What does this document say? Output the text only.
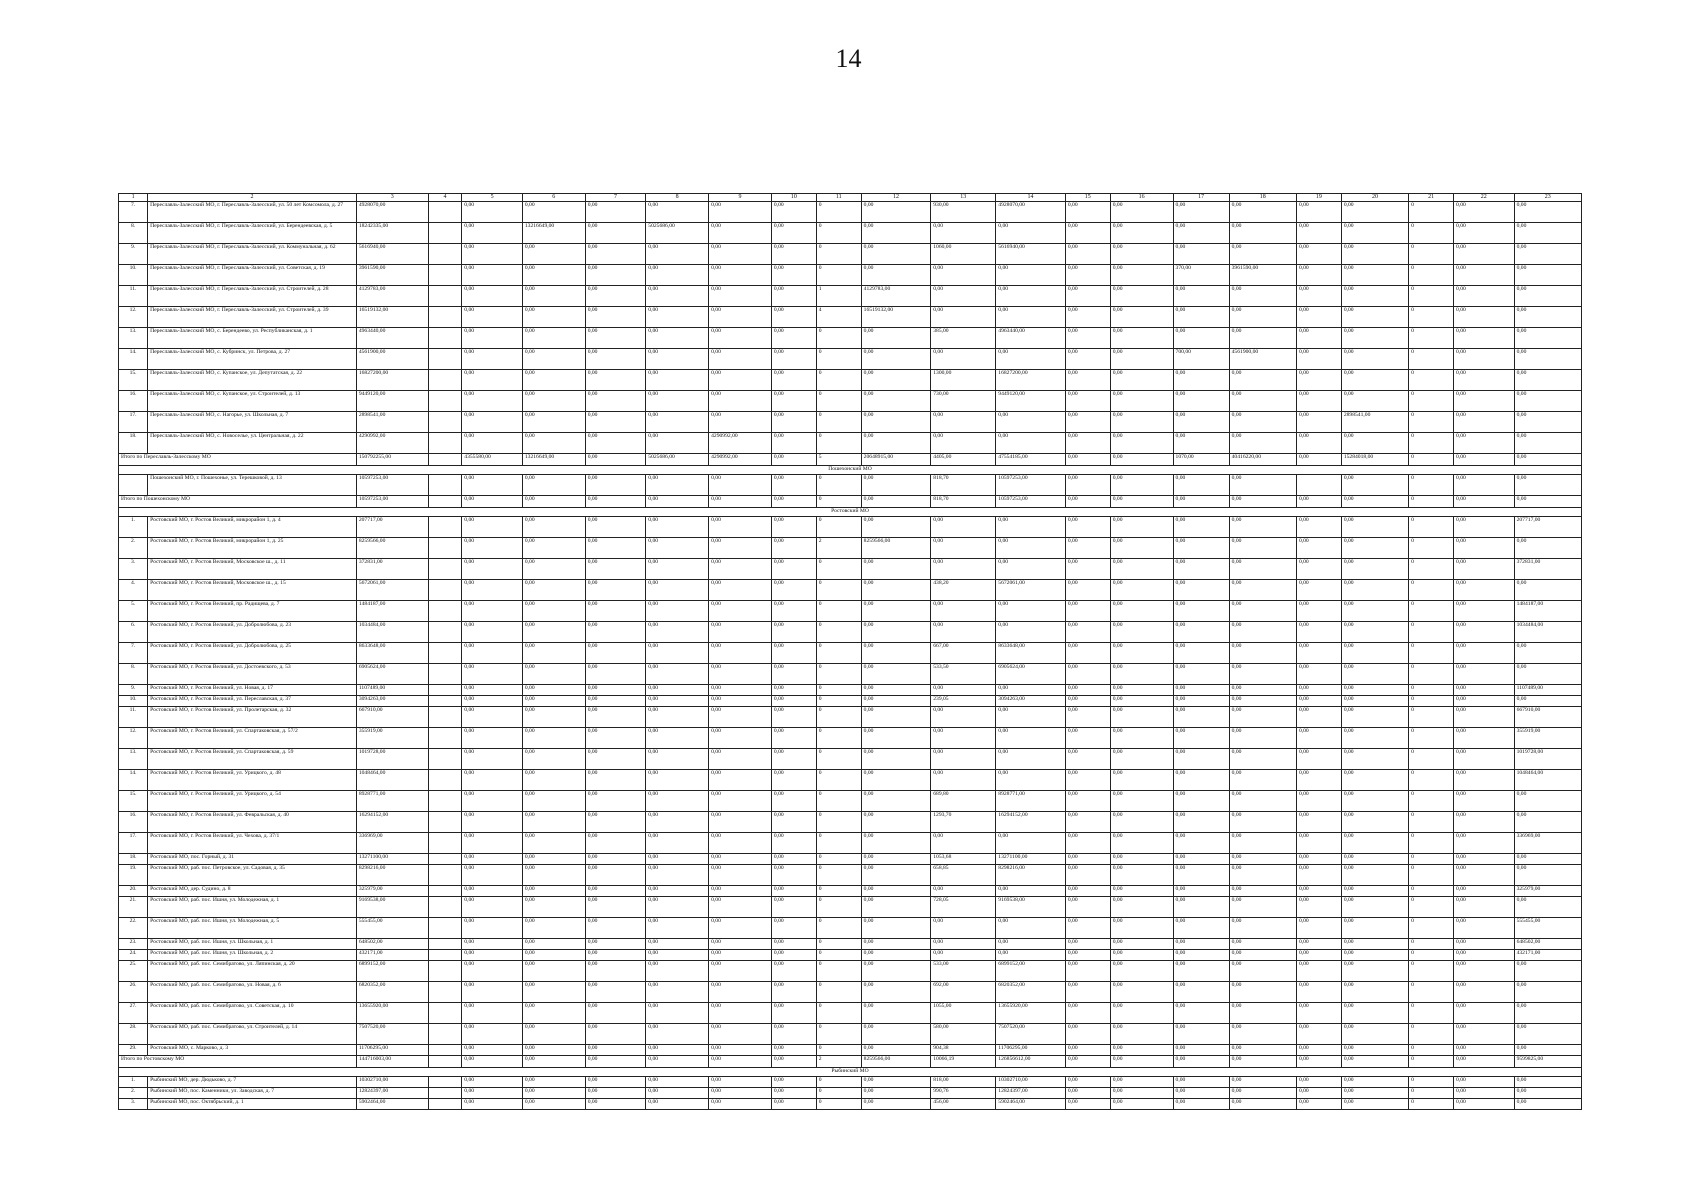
14
1	2	3	4	5	6	7	8	9	10	11	12	13	14	15	16	17	18	19	20	21	22	23
7.	Переславль-Залесский МО, г. Переславль-Залесский, ул. 50 лет Комсомола, д. 27	4928070,00		0,00	0,00	0,00	0,00	0,00	0,00	0	0,00	930,00	4928070,00	0,00	0,00	0,00	0,00	0,00	0,00	0	0,00	0,00
8.	Переславль-Залесский МО, г. Переславль-Залесский, ул. Берендеевская, д. 5	18242335,00		0,00	13216649,00	0,00	5025686,00	0,00	0,00	0	0,00	0,00	0,00	0,00	0,00	0,00	0,00	0,00	0,00	0	0,00	0,00
9.	Переславль-Залесский МО, г. Переславль-Залесский, ул. Коммунальная, д. 62	5616940,00		0,00	0,00	0,00	0,00	0,00	0,00	0	0,00	1060,00	5616940,00	0,00	0,00	0,00	0,00	0,00	0,00	0	0,00	0,00
10.	Переславль-Залесский МО, г. Переславль-Залесский, ул. Советская, д. 19	3961590,00		0,00	0,00	0,00	0,00	0,00	0,00	0	0,00	0,00	0,00	0,00	0,00	370,00	3961590,00	0,00	0,00	0	0,00	0,00
11.	Переславль-Залесский МО, г. Переславль-Залесский, ул. Строителей, д. 28	4129783,00		0,00	0,00	0,00	0,00	0,00	0,00	1	4129783,00	0,00	0,00	0,00	0,00	0,00	0,00	0,00	0,00	0	0,00	0,00
12.	Переславль-Залесский МО, г. Переславль-Залесский, ул. Строителей, д. 39	16519132,00		0,00	0,00	0,00	0,00	0,00	0,00	4	16519132,00	0,00	0,00	0,00	0,00	0,00	0,00	0,00	0,00	0	0,00	0,00
13.	Переславль-Залесский МО, с. Берендеево, ул. Республиканская, д. 1	4963440,00		0,00	0,00	0,00	0,00	0,00	0,00	0	0,00	385,00	4963440,00	0,00	0,00	0,00	0,00	0,00	0,00	0	0,00	0,00
14.	Переславль-Залесский МО, с. Кубринск, ул. Петрова, д. 27	4561900,00		0,00	0,00	0,00	0,00	0,00	0,00	0	0,00	0,00	0,00	0,00	0,00	700,00	4561900,00	0,00	0,00	0	0,00	0,00
15.	Переславль-Залесский МО, с. Купанское, ул. Депутатская, д. 22	16827200,00		0,00	0,00	0,00	0,00	0,00	0,00	0	0,00	1300,00	16827200,00	0,00	0,00	0,00	0,00	0,00	0,00	0	0,00	0,00
16.	Переславль-Залесский МО, с. Купанское, ул. Строителей, д. 13	9449120,00		0,00	0,00	0,00	0,00	0,00	0,00	0	0,00	730,00	9449120,00	0,00	0,00	0,00	0,00	0,00	0,00	0	0,00	0,00
17.	Переславль-Залесский МО, с. Нагорье, ул. Школьная, д. 7	2898541,00		0,00	0,00	0,00	0,00	0,00	0,00	0	0,00	0,00	0,00	0,00	0,00	0,00	0,00	0,00	2898541,00	0	0,00	0,00
18.	Переславль-Залесский МО, с. Новоселье, ул. Центральная, д. 22	4290992,00		0,00	0,00	0,00	0,00	4290992,00	0,00	0	0,00	0,00	0,00	0,00	0,00	0,00	0,00	0,00	0,00	0	0,00	0,00
Итого по Переславль-Залесскому МО		150792255,00		4355580,00	13216649,00	0,00	5025686,00	4290992,00	0,00	5	20648915,00	4405,00	47554185,00	0,00	0,00	1070,00	40416220,00	0,00	15284018,00	0	0,00	0,00
Пошехонский МО																						
	Пошехонский МО, г. Пошехонье, ул. Терешковой, д. 13	10597253,00		0,00	0,00	0,00	0,00	0,00	0,00	0	0,00	818,70	10597253,00	0,00	0,00	0,00	0,00		0,00	0	0,00	0,00
Итого по Пошехонскому МО		10597253,00		0,00	0,00	0,00	0,00	0,00	0,00	0	0,00	818,70	10597253,00	0,00	0,00	0,00	0,00	0,00	0,00	0	0,00	0,00
Ростовский МО																						
1.	Ростовский МО, г. Ростов Великий, микрорайон 1, д. 4	207717,00		0,00	0,00	0,00	0,00	0,00	0,00	0	0,00	0,00	0,00	0,00	0,00	0,00	0,00	0,00	0,00	0	0,00	207717,00
2.	Ростовский МО, г. Ростов Великий, микрорайон 1, д. 25	8259566,00		0,00	0,00	0,00	0,00	0,00	0,00	2	8259566,00	0,00	0,00	0,00	0,00	0,00	0,00	0,00	0,00	0	0,00	0,00
3.	Ростовский МО, г. Ростов Великий, Московское ш., д. 11	372831,00		0,00	0,00	0,00	0,00	0,00	0,00	0	0,00	0,00	0,00	0,00	0,00	0,00	0,00	0,00	0,00	0	0,00	372831,00
4.	Ростовский МО, г. Ростов Великий, Московское ш., д. 15	5672061,00		0,00	0,00	0,00	0,00	0,00	0,00	0	0,00	438,20	5672061,00	0,00	0,00	0,00	0,00	0,00	0,00	0	0,00	0,00
5.	Ростовский МО, г. Ростов Великий, пр. Радищева, д. 7	1484187,00		0,00	0,00	0,00	0,00	0,00	0,00	0	0,00	0,00	0,00	0,00	0,00	0,00	0,00	0,00	0,00	0	0,00	1484187,00
6.	Ростовский МО, г. Ростов Великий, ул. Добролюбова, д. 23	1034484,00		0,00	0,00	0,00	0,00	0,00	0,00	0	0,00	0,00	0,00	0,00	0,00	0,00	0,00	0,00	0,00	0	0,00	1034484,00
7.	Ростовский МО, г. Ростов Великий, ул. Добролюбова, д. 25	8633648,00		0,00	0,00	0,00	0,00	0,00	0,00	0	0,00	667,00	8633648,00	0,00	0,00	0,00	0,00	0,00	0,00	0	0,00	0,00
8.	Ростовский МО, г. Ростов Великий, ул. Достоевского, д. 53	6905624,00		0,00	0,00	0,00	0,00	0,00	0,00	0	0,00	533,50	6905624,00	0,00	0,00	0,00	0,00	0,00	0,00	0	0,00	0,00
9.	Ростовский МО, г. Ростов Великий, ул. Новая, д. 17	1107489,00		0,00	0,00	0,00	0,00	0,00	0,00	0	0,00	0,00	0,00	0,00	0,00	0,00	0,00	0,00	0,00	0	0,00	1107489,00
10.	Ростовский МО, г. Ростов Великий, ул. Переславская, д. 37	3094263,00		0,00	0,00	0,00	0,00	0,00	0,00	0	0,00	239,05	3094263,00	0,00	0,00	0,00	0,00	0,00	0,00	0	0,00	0,00
11.	Ростовский МО, г. Ростов Великий, ул. Пролетарская, д. 32	667910,00		0,00	0,00	0,00	0,00	0,00	0,00	0	0,00	0,00	0,00	0,00	0,00	0,00	0,00	0,00	0,00	0	0,00	667910,00
12.	Ростовский МО, г. Ростов Великий, ул. Спартаковская, д. 57/2	355919,00		0,00	0,00	0,00	0,00	0,00	0,00	0	0,00	0,00	0,00	0,00	0,00	0,00	0,00	0,00	0,00	0	0,00	355919,00
13.	Ростовский МО, г. Ростов Великий, ул. Спартаковская, д. 59	1019728,00		0,00	0,00	0,00	0,00	0,00	0,00	0	0,00	0,00	0,00	0,00	0,00	0,00	0,00	0,00	0,00	0	0,00	1019728,00
14.	Ростовский МО, г. Ростов Великий, ул. Урицкого, д. 48	1048464,00		0,00	0,00	0,00	0,00	0,00	0,00	0	0,00	0,00	0,00	0,00	0,00	0,00	0,00	0,00	0,00	0	0,00	1048464,00
15.	Ростовский МО, г. Ростов Великий, ул. Урицкого, д. 54	8928771,00		0,00	0,00	0,00	0,00	0,00	0,00	0	0,00	689,80	8928771,00	0,00	0,00	0,00	0,00	0,00	0,00	0	0,00	0,00
16.	Ростовский МО, г. Ростов Великий, ул. Февральская, д. 40	16294152,00		0,00	0,00	0,00	0,00	0,00	0,00	0	0,00	1293,70	16294152,00	0,00	0,00	0,00	0,00	0,00	0,00	0	0,00	0,00
17.	Ростовский МО, г. Ростов Великий, ул. Чехова, д. 37/1	336969,00		0,00	0,00	0,00	0,00	0,00	0,00	0	0,00	0,00	0,00	0,00	0,00	0,00	0,00	0,00	0,00	0	0,00	336969,00
18.	Ростовский МО, пос. Горный, д. 31	13271100,00		0,00	0,00	0,00	0,00	0,00	0,00	0	0,00	1053,68	13271100,00	0,00	0,00	0,00	0,00	0,00	0,00	0	0,00	0,00
19.	Ростовский МО, раб. пос. Петровское, ул. Садовая, д. 35	8298216,00		0,00	0,00	0,00	0,00	0,00	0,00	0	0,00	658,85	8298216,00	0,00	0,00	0,00	0,00	0,00	0,00	0	0,00	0,00
20.	Ростовский МО, дер. Судино, д. 8	325979,00		0,00	0,00	0,00	0,00	0,00	0,00	0	0,00	0,00	0,00	0,00	0,00	0,00	0,00	0,00	0,00	0	0,00	325979,00
21.	Ростовский МО, раб. пос. Ишня, ул. Молодежная, д. 1	9169538,00		0,00	0,00	0,00	0,00	0,00	0,00	0	0,00	728,05	9169538,00	0,00	0,00	0,00	0,00	0,00	0,00	0	0,00	0,00
22.	Ростовский МО, раб. пос. Ишня, ул. Молодежная, д. 5	555455,00		0,00	0,00	0,00	0,00	0,00	0,00	0	0,00	0,00	0,00	0,00	0,00	0,00	0,00	0,00	0,00	0	0,00	555455,00
23.	Ростовский МО, раб. пос. Ишня, ул. Школьная, д. 1	648502,00		0,00	0,00	0,00	0,00	0,00	0,00	0	0,00	0,00	0,00	0,00	0,00	0,00	0,00	0,00	0,00	0	0,00	648502,00
24.	Ростовский МО, раб. пос. Ишня, ул. Школьная, д. 2	432171,00		0,00	0,00	0,00	0,00	0,00	0,00	0	0,00	0,00	0,00	0,00	0,00	0,00	0,00	0,00	0,00	0	0,00	432171,00
25.	Ростовский МО, раб. пос. Семибратово, ул. Ляпинская, д. 20	6899152,00		0,00	0,00	0,00	0,00	0,00	0,00	0	0,00	533,00	6899152,00	0,00	0,00	0,00	0,00	0,00	0,00	0	0,00	0,00
26.	Ростовский МО, раб. пос. Семибратово, ул. Новая, д. 6	6820352,00		0,00	0,00	0,00	0,00	0,00	0,00	0	0,00	692,00	6820352,00	0,00	0,00	0,00	0,00	0,00	0,00	0	0,00	0,00
27.	Ростовский МО, раб. пос. Семибратово, ул. Советская, д. 10	13655920,00		0,00	0,00	0,00	0,00	0,00	0,00	0	0,00	1055,00	13655920,00	0,00	0,00	0,00	0,00	0,00	0,00	0	0,00	0,00
28.	Ростовский МО, раб. пос. Семибратово, ул. Строителей, д. 14	7507520,00		0,00	0,00	0,00	0,00	0,00	0,00	0	0,00	580,00	7507520,00	0,00	0,00	0,00	0,00	0,00	0,00	0	0,00	0,00
29.	Ростовский МО, с. Марково, д. 3	11706295,00		0,00	0,00	0,00	0,00	0,00	0,00	0	0,00	904,38	11706295,00	0,00	0,00	0,00	0,00	0,00	0,00	0	0,00	0,00
Итого по Ростовскому МО		144716003,00		0,00	0,00	0,00	0,00	0,00	0,00	2	8259566,00	10066,19	126856612,00	0,00	0,00	0,00	0,00	0,00	0,00	0	0,00	9599825,00
Рыбинский МО																						
1.	Рыбинский МО, дер. Дюдьково, д. 7	10302710,00		0,00	0,00	0,00	0,00	0,00	0,00	0	0,00	818,00	10302710,00	0,00	0,00	0,00	0,00	0,00	0,00	0	0,00	0,00
2.	Рыбинский МО, пос. Каменники, ул. Заводская, д. 7	12824397,00		0,00	0,00	0,00	0,00	0,00	0,00	0	0,00	990,76	12824397,00	0,00	0,00	0,00	0,00	0,00	0,00	0	0,00	0,00
3.	Рыбинский МО, пос. Октябрьский, д. 1	5902464,00		0,00	0,00	0,00	0,00	0,00	0,00	0	0,00	456,00	5902464,00	0,00	0,00	0,00	0,00	0,00	0,00	0	0,00	0,00
